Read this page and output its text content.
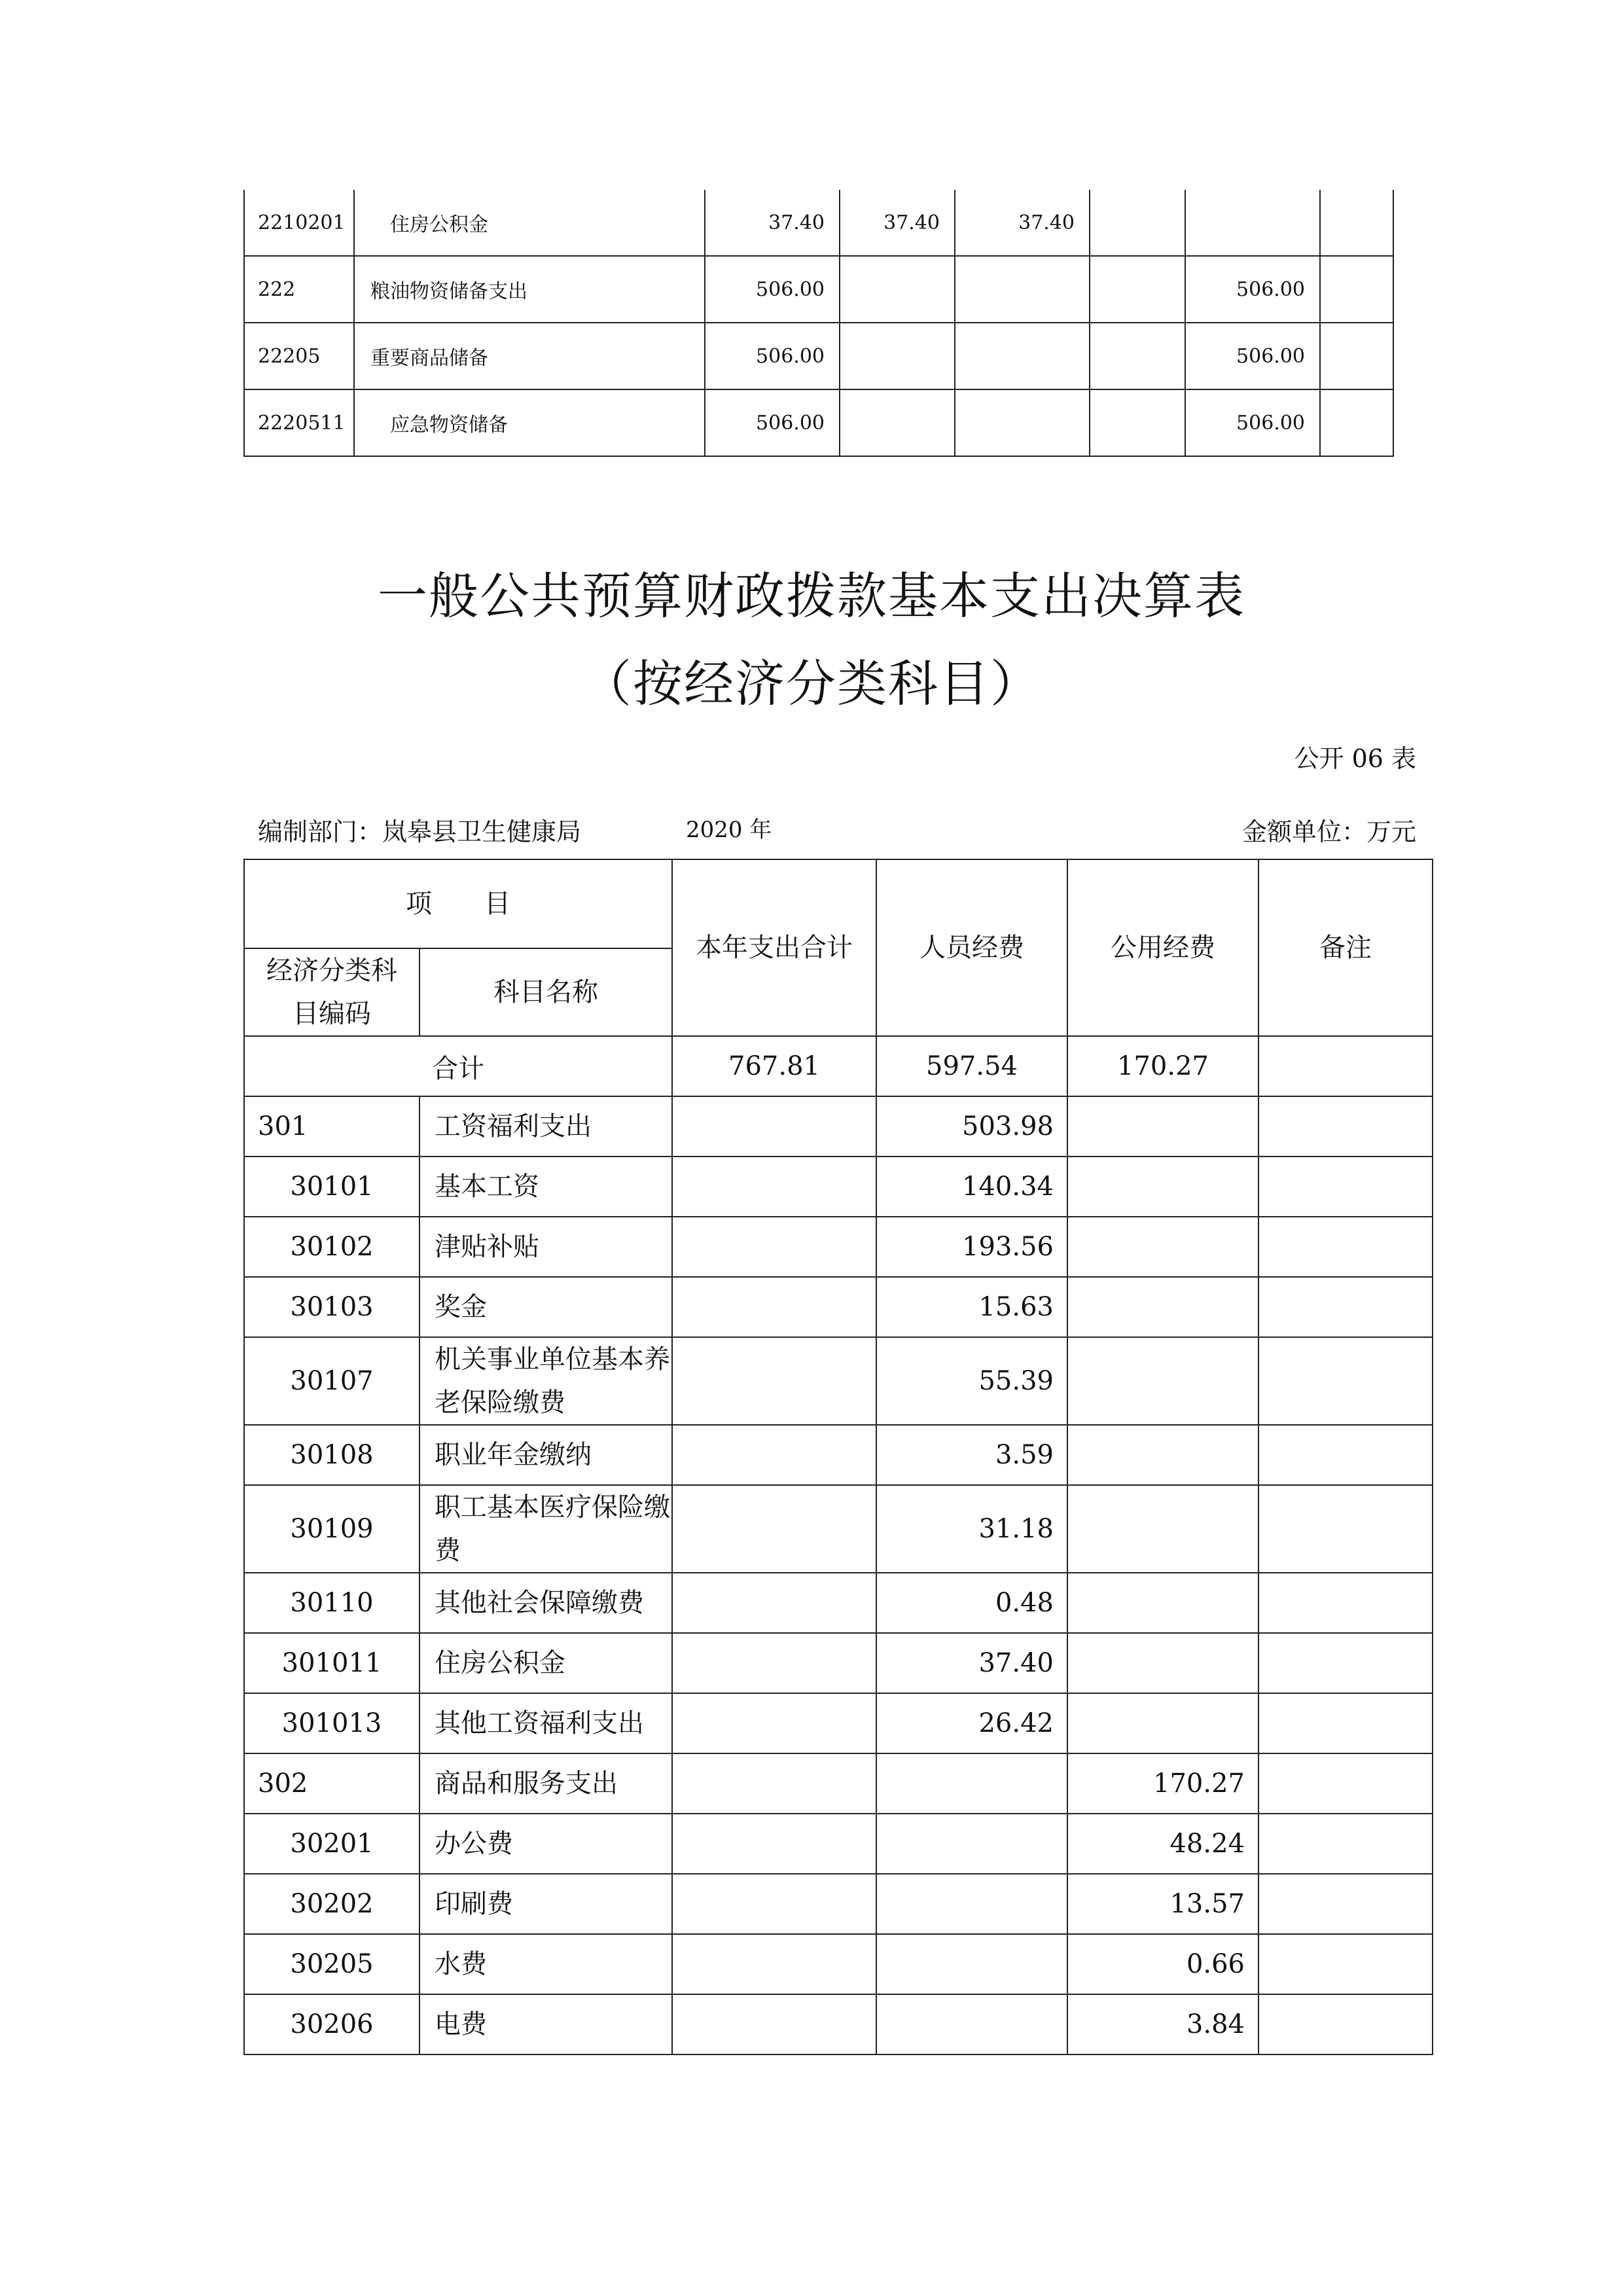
2210201	住房公积金	37.40	37.40	37.40			
222	粮油物资储备支出	506.00				506.00	
22205	重要商品储备	506.00				506.00	
2220511	应急物资储备	506.00				506.00	
一般公共预算财政拨款基本支出决算表
（按经济分类科目）
公开 06 表
编制部门：岚皋县卫生健康局	2020 年	金额单位：万元
项　　目		本年支出合计	人员经费	公用经费	备注
经济分类科目编码	科目名称				
合计		767.81	597.54	170.27	
301	工资福利支出		503.98		
30101	基本工资		140.34		
30102	津贴补贴		193.56		
30103	奖金		15.63		
30107	机关事业单位基本养老保险缴费		55.39		
30108	职业年金缴纳		3.59		
30109	职工基本医疗保险缴费		31.18		
30110	其他社会保障缴费		0.48		
301011	住房公积金		37.40		
301013	其他工资福利支出		26.42		
302	商品和服务支出			170.27	
30201	办公费			48.24	
30202	印刷费			13.57	
30205	水费			0.66	
30206	电费			3.84	
